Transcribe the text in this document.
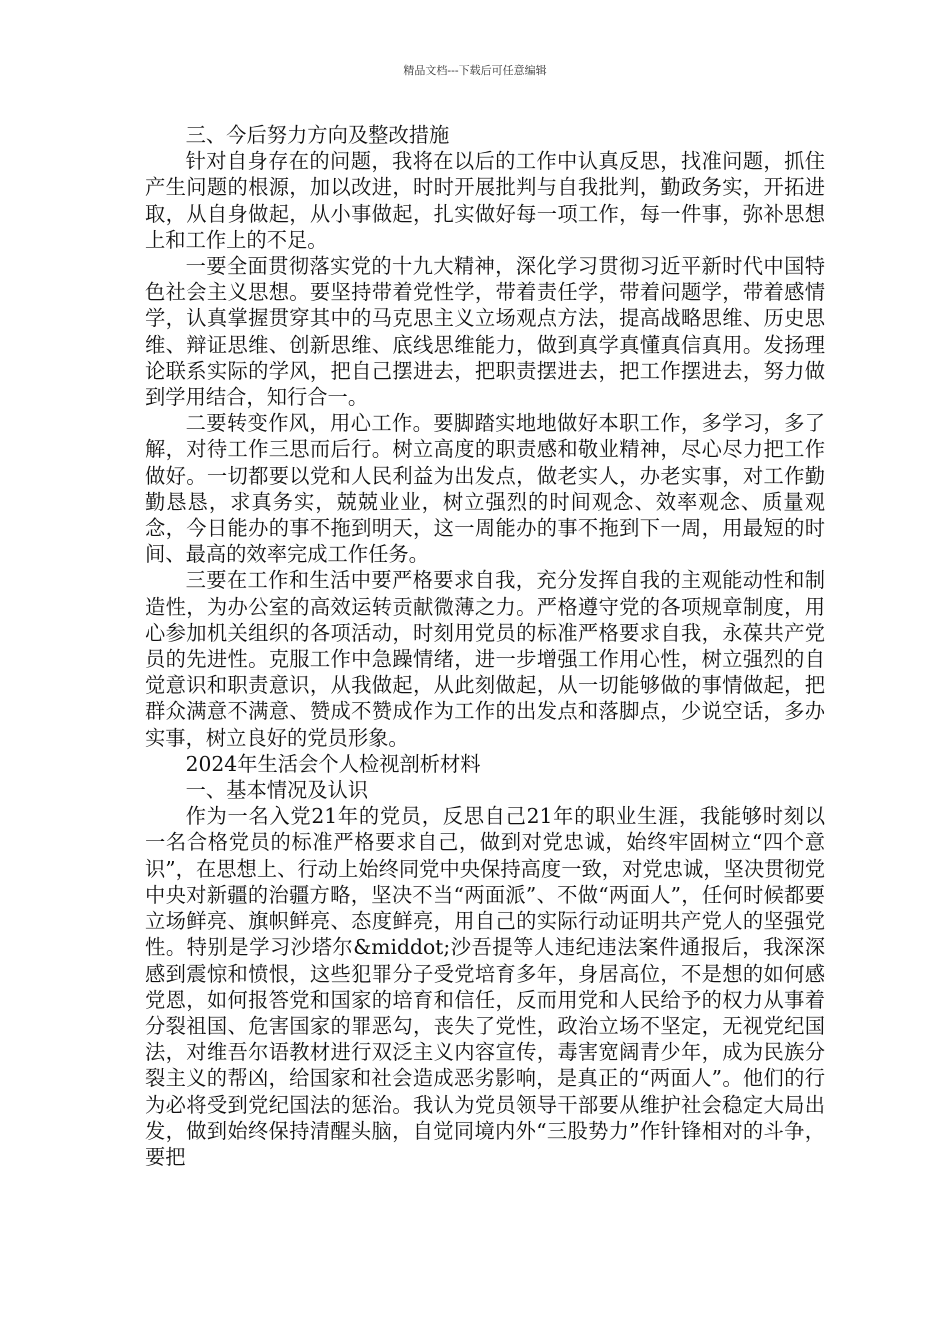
精品文档---下载后可任意编辑

三、今后努力方向及整改措施

针对自身存在的问题，我将在以后的工作中认真反思，找准问题，抓住产生问题的根源，加以改进，时时开展批判与自我批判，勤政务实，开拓进取，从自身做起，从小事做起，扎实做好每一项工作，每一件事，弥补思想上和工作上的不足。

一要全面贯彻落实党的十九大精神，深化学习贯彻习近平新时代中国特色社会主义思想。要坚持带着党性学，带着责任学，带着问题学，带着感情学，认真掌握贯穿其中的马克思主义立场观点方法，提高战略思维、历史思维、辩证思维、创新思维、底线思维能力，做到真学真懂真信真用。发扬理论联系实际的学风，把自己摆进去，把职责摆进去，把工作摆进去，努力做到学用结合，知行合一。

二要转变作风，用心工作。要脚踏实地地做好本职工作，多学习，多了解，对待工作三思而后行。树立高度的职责感和敬业精神，尽心尽力把工作做好。一切都要以党和人民利益为出发点，做老实人，办老实事，对工作勤勤恳恳，求真务实，兢兢业业，树立强烈的时间观念、效率观念、质量观念，今日能办的事不拖到明天，这一周能办的事不拖到下一周，用最短的时间、最高的效率完成工作任务。

三要在工作和生活中要严格要求自我，充分发挥自我的主观能动性和制造性，为办公室的高效运转贡献微薄之力。严格遵守党的各项规章制度，用心参加机关组织的各项活动，时刻用党员的标准严格要求自我，永葆共产党员的先进性。克服工作中急躁情绪，进一步增强工作用心性，树立强烈的自觉意识和职责意识，从我做起，从此刻做起，从一切能够做的事情做起，把群众满意不满意、赞成不赞成作为工作的出发点和落脚点，少说空话，多办实事，树立良好的党员形象。

2024年生活会个人检视剖析材料

一、基本情况及认识

作为一名入党21年的党员，反思自己21年的职业生涯，我能够时刻以一名合格党员的标准严格要求自己，做到对党忠诚，始终牢固树立“四个意识”，在思想上、行动上始终同党中央保持高度一致，对党忠诚，坚决贯彻党中央对新疆的治疆方略，坚决不当“两面派”、不做“两面人”，任何时候都要立场鲜亮、旗帜鲜亮、态度鲜亮，用自己的实际行动证明共产党人的坚强党性。特别是学习沙塔尔&middot;沙吾提等人违纪违法案件通报后，我深深感到震惊和愤恨，这些犯罪分子受党培育多年，身居高位，不是想的如何感党恩，如何报答党和国家的培育和信任，反而用党和人民给予的权力从事着分裂祖国、危害国家的罪恶勾，丧失了党性，政治立场不坚定，无视党纪国法，对维吾尔语教材进行双泛主义内容宣传，毒害宽阔青少年，成为民族分裂主义的帮凶，给国家和社会造成恶劣影响，是真正的“两面人”。他们的行为必将受到党纪国法的惩治。我认为党员领导干部要从维护社会稳定大局出发，做到始终保持清醒头脑，自觉同境内外“三股势力”作针锋相对的斗争，要把
